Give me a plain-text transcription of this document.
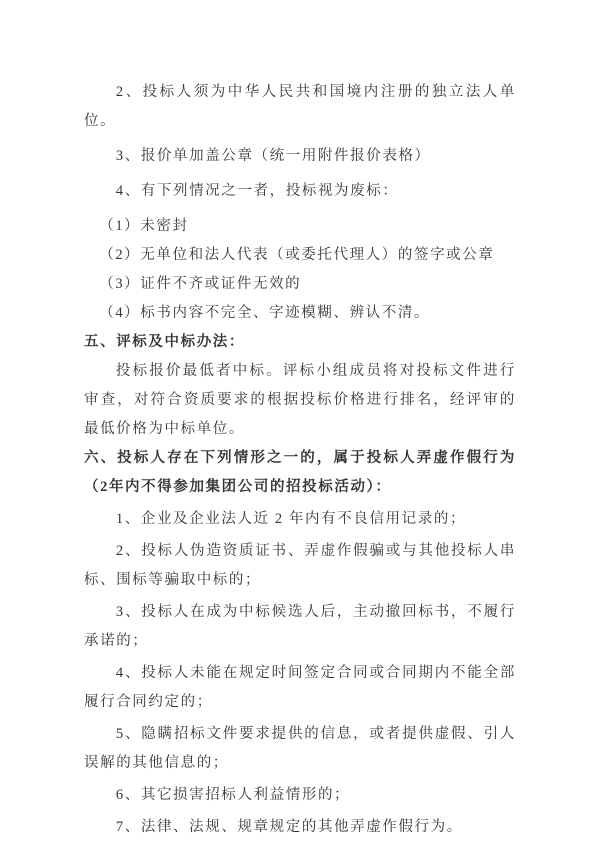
2、投标人须为中华人民共和国境内注册的独立法人单位。

3、报价单加盖公章（统一用附件报价表格）

4、有下列情况之一者，投标视为废标：

（1）未密封

（2）无单位和法人代表（或委托代理人）的签字或公章

（3）证件不齐或证件无效的

（4）标书内容不完全、字迹模糊、辨认不清。

五、评标及中标办法：

投标报价最低者中标。评标小组成员将对投标文件进行审查，对符合资质要求的根据投标价格进行排名，经评审的最低价格为中标单位。

六、投标人存在下列情形之一的，属于投标人弄虚作假行为（2年内不得参加集团公司的招投标活动）：

1、企业及企业法人近 2 年内有不良信用记录的；

2、投标人伪造资质证书、弄虚作假骗或与其他投标人串标、围标等骗取中标的；

3、投标人在成为中标候选人后，主动撤回标书，不履行承诺的；

4、投标人未能在规定时间签定合同或合同期内不能全部履行合同约定的；

5、隐瞒招标文件要求提供的信息，或者提供虚假、引人误解的其他信息的；

6、其它损害招标人利益情形的；

7、法律、法规、规章规定的其他弄虚作假行为。
